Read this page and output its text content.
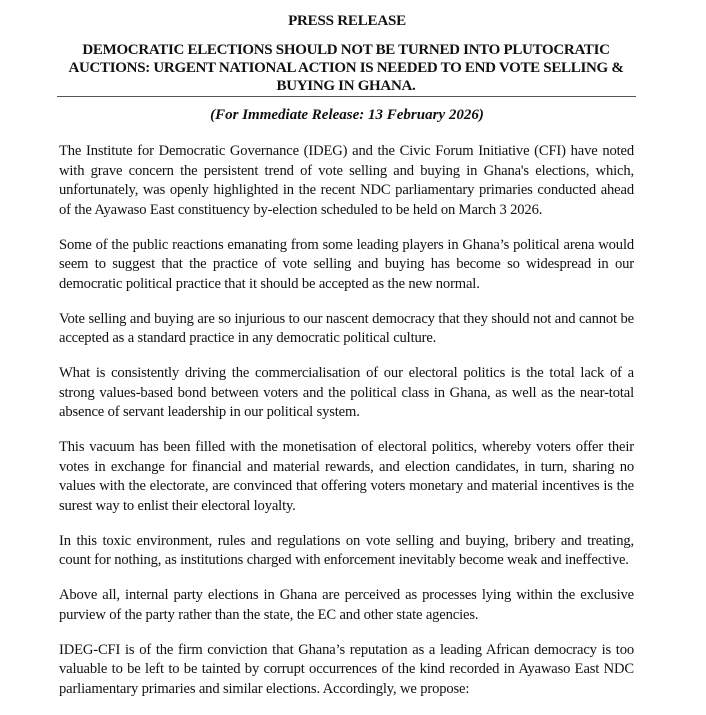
PRESS RELEASE
DEMOCRATIC ELECTIONS SHOULD NOT BE TURNED INTO PLUTOCRATIC AUCTIONS: URGENT NATIONAL ACTION IS NEEDED TO END VOTE SELLING & BUYING IN GHANA.
(For Immediate Release: 13 February 2026)

The Institute for Democratic Governance (IDEG) and the Civic Forum Initiative (CFI) have noted with grave concern the persistent trend of vote selling and buying in Ghana's elections, which, unfortunately, was openly highlighted in the recent NDC parliamentary primaries conducted ahead of the Ayawaso East constituency by-election scheduled to be held on March 3 2026.

Some of the public reactions emanating from some leading players in Ghana’s political arena would seem to suggest that the practice of vote selling and buying has become so widespread in our democratic political practice that it should be accepted as the new normal.

Vote selling and buying are so injurious to our nascent democracy that they should not and cannot be accepted as a standard practice in any democratic political culture.

What is consistently driving the commercialisation of our electoral politics is the total lack of a strong values-based bond between voters and the political class in Ghana, as well as the near-total absence of servant leadership in our political system.

This vacuum has been filled with the monetisation of electoral politics, whereby voters offer their votes in exchange for financial and material rewards, and election candidates, in turn, sharing no values with the electorate, are convinced that offering voters monetary and material incentives is the surest way to enlist their electoral loyalty.

In this toxic environment, rules and regulations on vote selling and buying, bribery and treating, count for nothing, as institutions charged with enforcement inevitably become weak and ineffective.

Above all, internal party elections in Ghana are perceived as processes lying within the exclusive purview of the party rather than the state, the EC and other state agencies.

IDEG-CFI is of the firm conviction that Ghana’s reputation as a leading African democracy is too valuable to be left to be tainted by corrupt occurrences of the kind recorded in Ayawaso East NDC parliamentary primaries and similar elections. Accordingly, we propose:
